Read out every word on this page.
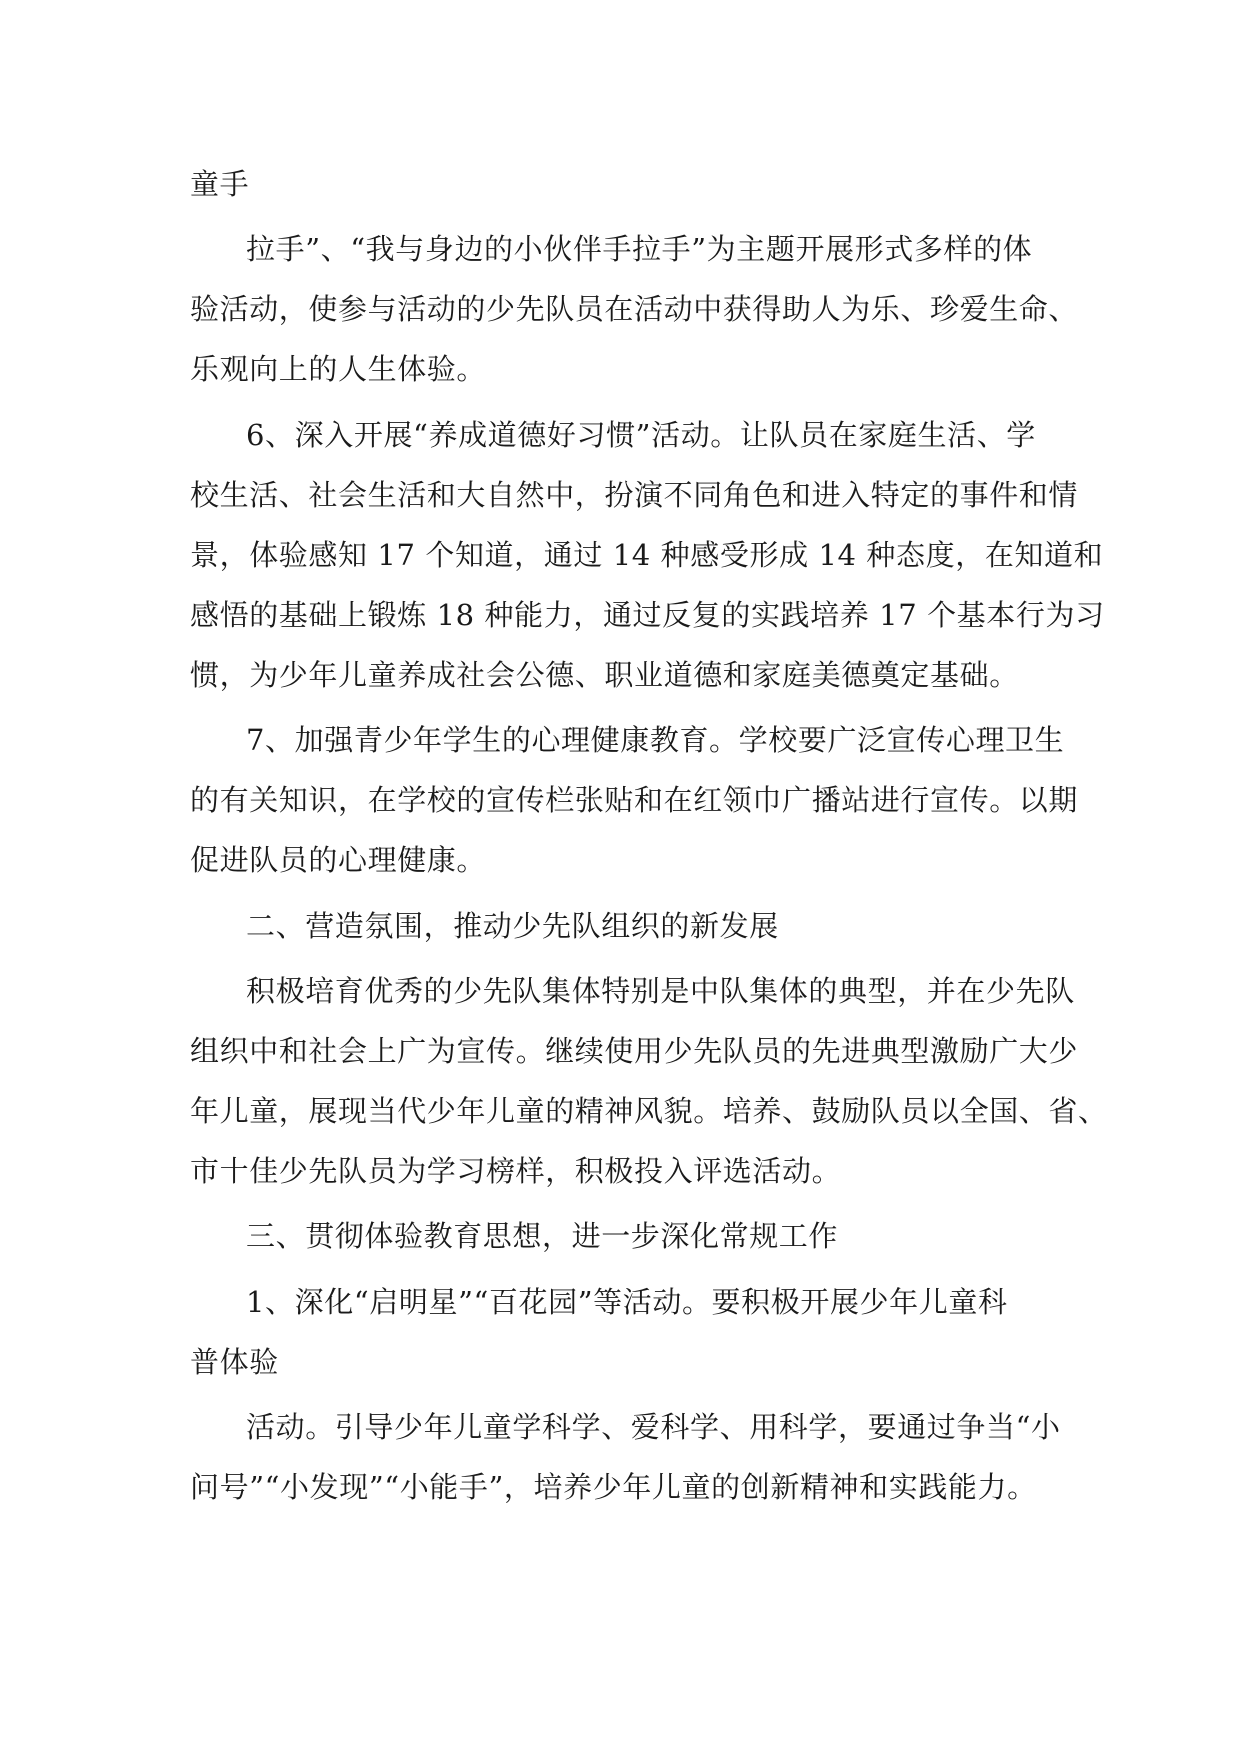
童手

拉手”、“我与身边的小伙伴手拉手”为主题开展形式多样的体

验活动，使参与活动的少先队员在活动中获得助人为乐、珍爱生命、

乐观向上的人生体验。

6、深入开展“养成道德好习惯”活动。让队员在家庭生活、学

校生活、社会生活和大自然中，扮演不同角色和进入特定的事件和情

景，体验感知 17 个知道，通过 14 种感受形成 14 种态度，在知道和

感悟的基础上锻炼 18 种能力，通过反复的实践培养 17 个基本行为习

惯，为少年儿童养成社会公德、职业道德和家庭美德奠定基础。

7、加强青少年学生的心理健康教育。学校要广泛宣传心理卫生

的有关知识，在学校的宣传栏张贴和在红领巾广播站进行宣传。以期

促进队员的心理健康。

二、营造氛围，推动少先队组织的新发展

积极培育优秀的少先队集体特别是中队集体的典型，并在少先队

组织中和社会上广为宣传。继续使用少先队员的先进典型激励广大少

年儿童，展现当代少年儿童的精神风貌。培养、鼓励队员以全国、省、

市十佳少先队员为学习榜样，积极投入评选活动。

三、贯彻体验教育思想，进一步深化常规工作

1、深化“启明星”“百花园”等活动。要积极开展少年儿童科

普体验

活动。引导少年儿童学科学、爱科学、用科学，要通过争当“小

问号”“小发现”“小能手”，培养少年儿童的创新精神和实践能力。
